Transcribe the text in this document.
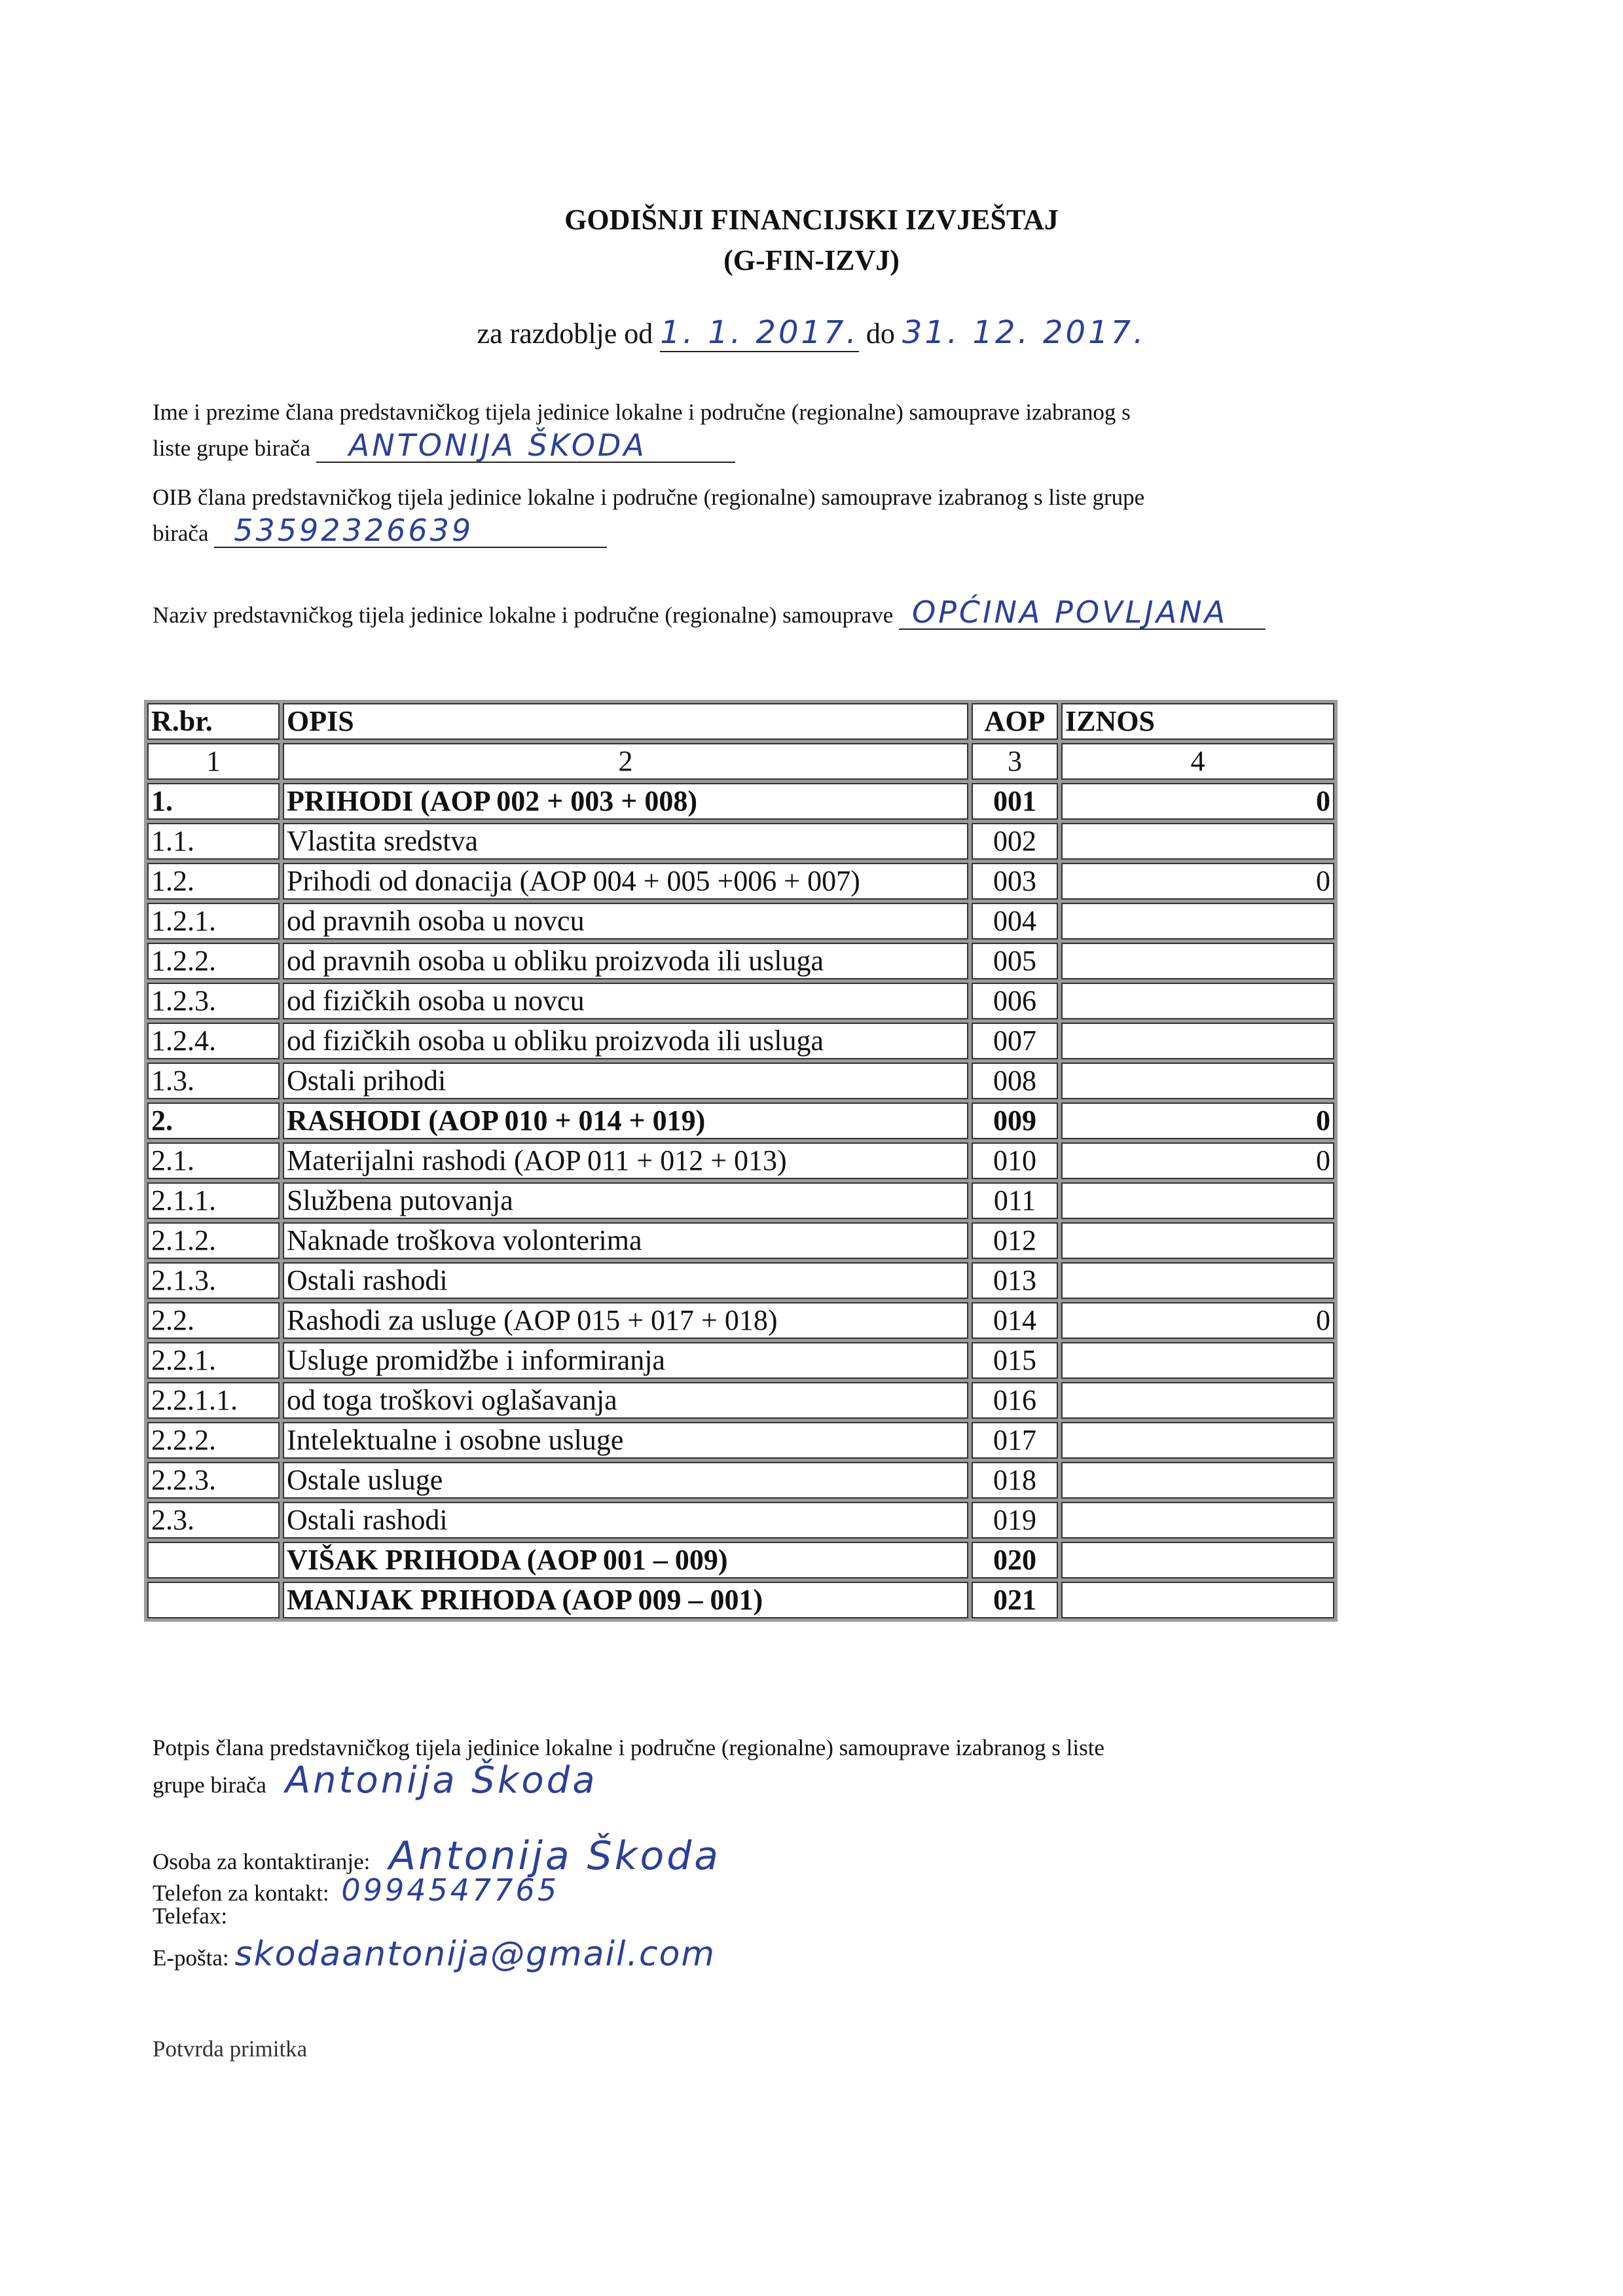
GODIŠNJI FINANCIJSKI IZVJEŠTAJ
(G-FIN-IZVJ)
za razdoblje od 1. 1. 2017. do 31. 12. 2017.
Ime i prezime člana predstavničkog tijela jedinice lokalne i područne (regionalne) samouprave izabranog s
liste grupe birača ANTONIJA ŠKODA
OIB člana predstavničkog tijela jedinice lokalne i područne (regionalne) samouprave izabranog s liste grupe
birača 53592326639
Naziv predstavničkog tijela jedinice lokalne i područne (regionalne) samouprave OPĆINA POVLJANA
R.br.	OPIS	AOP	IZNOS
1	2	3	4
1.	PRIHODI (AOP 002 + 003 + 008)	001	0
1.1.	Vlastita sredstva	002	
1.2.	Prihodi od donacija (AOP 004 + 005 +006 + 007)	003	0
1.2.1.	od pravnih osoba u novcu	004	
1.2.2.	od pravnih osoba u obliku proizvoda ili usluga	005	
1.2.3.	od fizičkih osoba u novcu	006	
1.2.4.	od fizičkih osoba u obliku proizvoda ili usluga	007	
1.3.	Ostali prihodi	008	
2.	RASHODI (AOP 010 + 014 + 019)	009	0
2.1.	Materijalni rashodi (AOP 011 + 012 + 013)	010	0
2.1.1.	Službena putovanja	011	
2.1.2.	Naknade troškova volonterima	012	
2.1.3.	Ostali rashodi	013	
2.2.	Rashodi za usluge (AOP 015 + 017 + 018)	014	0
2.2.1.	Usluge promidžbe i informiranja	015	
2.2.1.1.	od toga troškovi oglašavanja	016	
2.2.2.	Intelektualne i osobne usluge	017	
2.2.3.	Ostale usluge	018	
2.3.	Ostali rashodi	019	
	VIŠAK PRIHODA (AOP 001 – 009)	020	
	MANJAK PRIHODA (AOP 009 – 001)	021	
Potpis člana predstavničkog tijela jedinice lokalne i područne (regionalne) samouprave izabranog s liste
grupe birača Antonija Škoda
Osoba za kontaktiranje: Antonija Škoda
Telefon za kontakt: 0994547765
Telefax:
E-pošta: skodaantonija@gmail.com
Potvrda primitka
